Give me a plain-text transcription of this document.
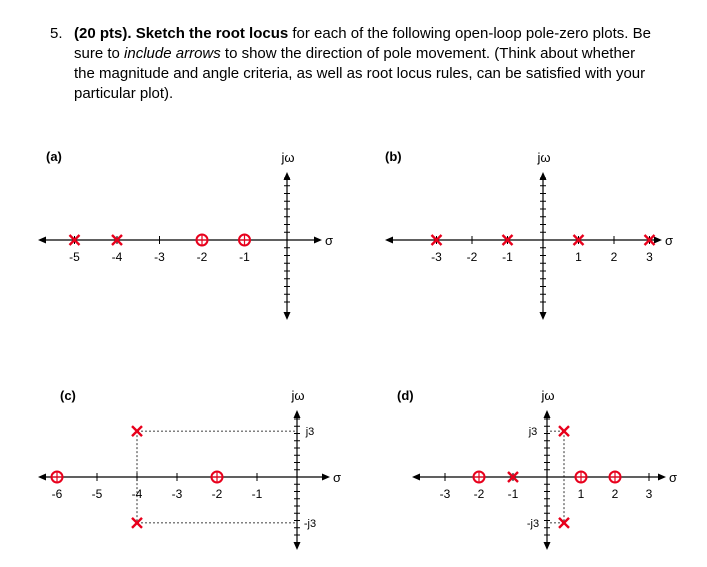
5. (20 pts). Sketch the root locus for each of the following open-loop pole-zero plots. Be sure to include arrows to show the direction of pole movement. (Think about whether the magnitude and angle criteria, as well as root locus rules, can be satisfied with your particular plot).
(a)
σ
jω
-5	-4	-3	-2	-1
(b)
σ
jω
-3 -2 -1	1 2 3
(c)
σ
jω
-6 -5 -4 -3 -2 -1
j3
-j3
(d)
σ
jω
-3 -2 -1	1 2 3
j3
-j3
